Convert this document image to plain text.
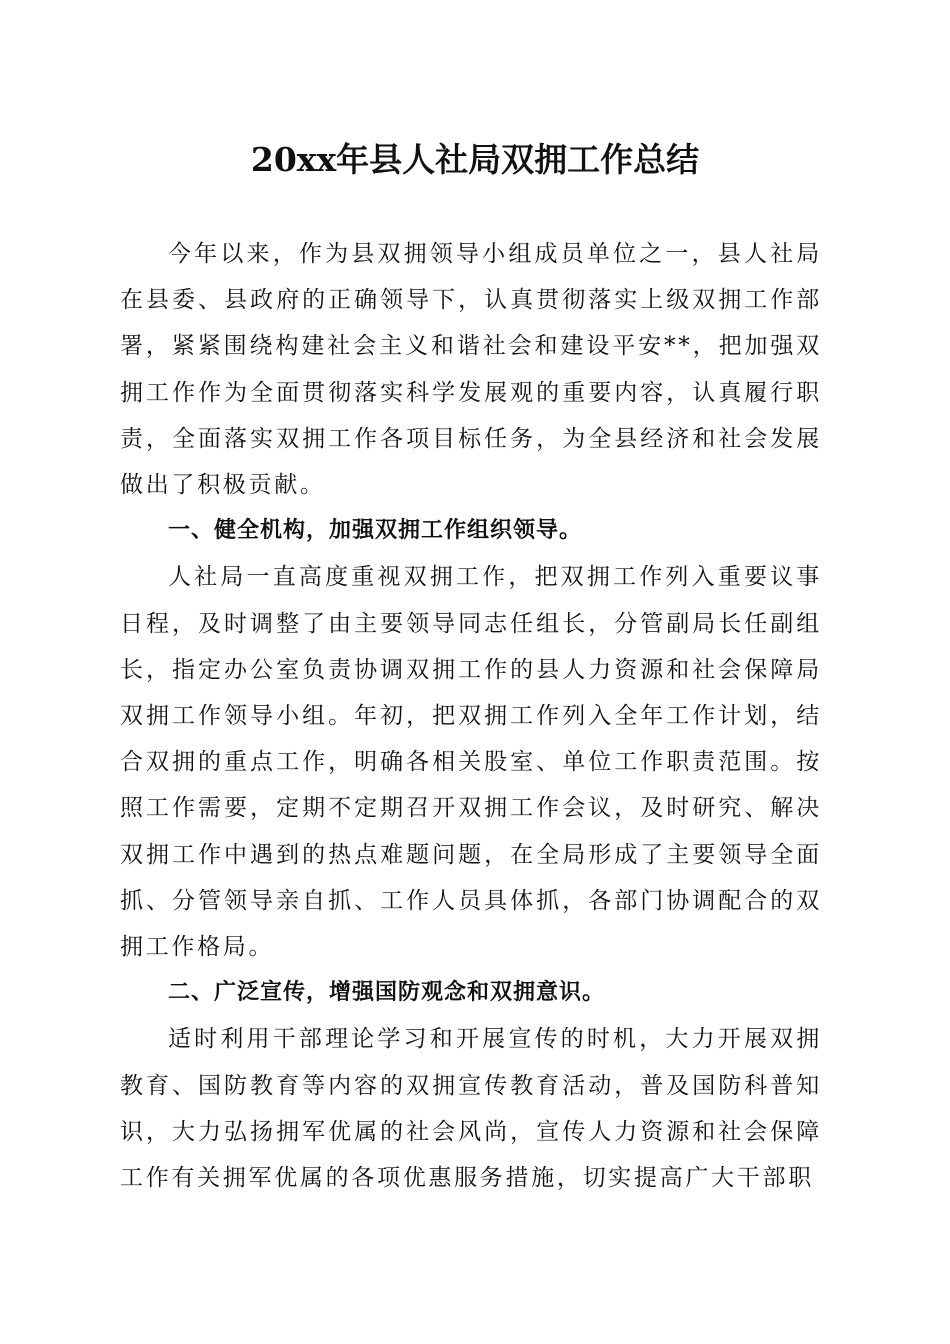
20xx年县人社局双拥工作总结

今年以来，作为县双拥领导小组成员单位之一，县人社局在县委、县政府的正确领导下，认真贯彻落实上级双拥工作部署，紧紧围绕构建社会主义和谐社会和建设平安**，把加强双拥工作作为全面贯彻落实科学发展观的重要内容，认真履行职责，全面落实双拥工作各项目标任务，为全县经济和社会发展做出了积极贡献。

一、健全机构，加强双拥工作组织领导。

人社局一直高度重视双拥工作，把双拥工作列入重要议事日程，及时调整了由主要领导同志任组长，分管副局长任副组长，指定办公室负责协调双拥工作的县人力资源和社会保障局双拥工作领导小组。年初，把双拥工作列入全年工作计划，结合双拥的重点工作，明确各相关股室、单位工作职责范围。按照工作需要，定期不定期召开双拥工作会议，及时研究、解决双拥工作中遇到的热点难题问题，在全局形成了主要领导全面抓、分管领导亲自抓、工作人员具体抓，各部门协调配合的双拥工作格局。

二、广泛宣传，增强国防观念和双拥意识。

适时利用干部理论学习和开展宣传的时机，大力开展双拥教育、国防教育等内容的双拥宣传教育活动，普及国防科普知识，大力弘扬拥军优属的社会风尚，宣传人力资源和社会保障工作有关拥军优属的各项优惠服务措施，切实提高广大干部职
